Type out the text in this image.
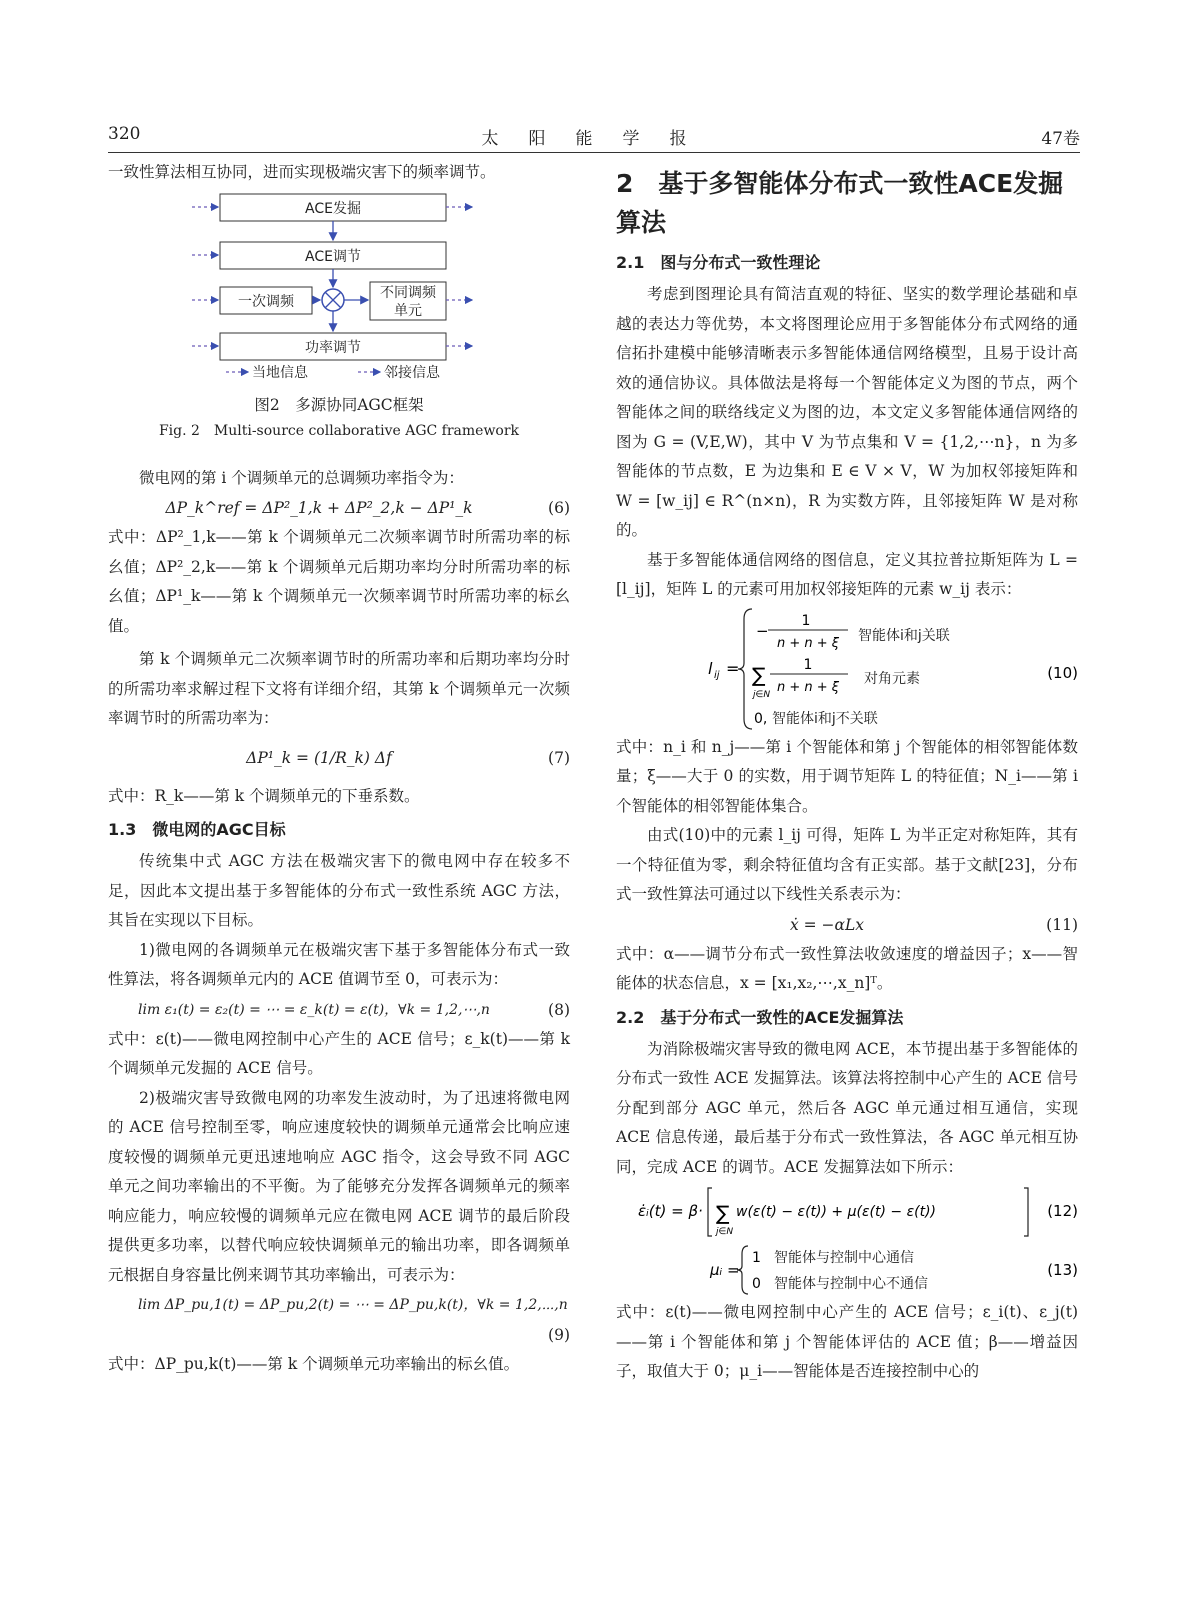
320	太阳能学报	47卷

一致性算法相互协同，进而实现极端灾害下的频率调节。

ACE发掘
ACE调节
一次调频
不同调频
单元
功率调节
当地信息	邻接信息
图2　多源协同AGC框架
Fig. 2　Multi-source collaborative AGC framework

微电网的第 i 个调频单元的总调频功率指令为：

ΔP_k^ref = ΔP²_1,k + ΔP²_2,k − ΔP¹_k	(6)

式中：ΔP²_1,k——第 k 个调频单元二次频率调节时所需功率的标幺值；ΔP²_2,k——第 k 个调频单元后期功率均分时所需功率的标幺值；ΔP¹_k——第 k 个调频单元一次频率调节时所需功率的标幺值。

第 k 个调频单元二次频率调节时的所需功率和后期功率均分时的所需功率求解过程下文将有详细介绍，其第 k 个调频单元一次频率调节时的所需功率为：

ΔP¹_k = (1/R_k) Δf	(7)

式中：R_k——第 k 个调频单元的下垂系数。

1.3　微电网的AGC目标

传统集中式 AGC 方法在极端灾害下的微电网中存在较多不足，因此本文提出基于多智能体的分布式一致性系统 AGC 方法，其旨在实现以下目标。

1)微电网的各调频单元在极端灾害下基于多智能体分布式一致性算法，将各调频单元内的 ACE 值调节至 0，可表示为：

lim ε₁(t) = ε₂(t) = ⋯ = ε_k(t) = ε(t)，∀k = 1,2,⋯,n	(8)

式中：ε(t)——微电网控制中心产生的 ACE 信号；ε_k(t)——第 k 个调频单元发掘的 ACE 信号。

2)极端灾害导致微电网的功率发生波动时，为了迅速将微电网的 ACE 信号控制至零，响应速度较快的调频单元通常会比响应速度较慢的调频单元更迅速地响应 AGC 指令，这会导致不同 AGC 单元之间功率输出的不平衡。为了能够充分发挥各调频单元的频率响应能力，响应较慢的调频单元应在微电网 ACE 调节的最后阶段提供更多功率，以替代响应较快调频单元的输出功率，即各调频单元根据自身容量比例来调节其功率输出，可表示为：

lim ΔP_pu,1(t) = ΔP_pu,2(t) = ⋯ = ΔP_pu,k(t)，∀k = 1,2,⋯,n
(9)

式中：ΔP_pu,k(t)——第 k 个调频单元功率输出的标幺值。

2　基于多智能体分布式一致性ACE发掘算法
2.1　图与分布式一致性理论

考虑到图理论具有简洁直观的特征、坚实的数学理论基础和卓越的表达力等优势，本文将图理论应用于多智能体分布式网络的通信拓扑建模中能够清晰表示多智能体通信网络模型，且易于设计高效的通信协议。具体做法是将每一个智能体定义为图的节点，两个智能体之间的联络线定义为图的边，本文定义多智能体通信网络的图为 G = (V,E,W)，其中 V 为节点集和 V = {1,2,⋯n}，n 为多智能体的节点数，E 为边集和 E ∈ V × V，W 为加权邻接矩阵和 W = [w_ij] ∈ R^(n×n)，R 为实数方阵，且邻接矩阵 W 是对称的。

基于多智能体通信网络的图信息，定义其拉普拉斯矩阵为 L = [l_ij]，矩阵 L 的元素可用加权邻接矩阵的元素 w_ij 表示：

l ij =
−
1
n + n + ξ 智能体i和j关联
∑
j∈N
1
n + n + ξ
对角元素
0, 智能体i和j不关联
(10)

式中：n_i 和 n_j——第 i 个智能体和第 j 个智能体的相邻智能体数量；ξ——大于 0 的实数，用于调节矩阵 L 的特征值；N_i——第 i 个智能体的相邻智能体集合。

由式(10)中的元素 l_ij 可得，矩阵 L 为半正定对称矩阵，其有一个特征值为零，剩余特征值均含有正实部。基于文献[23]，分布式一致性算法可通过以下线性关系表示为：

ẋ = −αLx	(11)

式中：α——调节分布式一致性算法收敛速度的增益因子；x——智能体的状态信息，x = [x₁,x₂,⋯,x_n]ᵀ。

2.2　基于分布式一致性的ACE发掘算法

为消除极端灾害导致的微电网 ACE，本节提出基于多智能体的分布式一致性 ACE 发掘算法。该算法将控制中心产生的 ACE 信号分配到部分 AGC 单元，然后各 AGC 单元通过相互通信，实现 ACE 信息传递，最后基于分布式一致性算法，各 AGC 单元相互协同，完成 ACE 的调节。ACE 发掘算法如下所示：

ε̇ᵢ(t) = β· ∑
j∈N
w(ε(t) − ε(t)) + μ(ε(t) − ε(t))	(12)
μᵢ =
1 智能体与控制中心通信
0 智能体与控制中心不通信
(13)

式中：ε(t)——微电网控制中心产生的 ACE 信号；ε_i(t)、ε_j(t)——第 i 个智能体和第 j 个智能体评估的 ACE 值；β——增益因子，取值大于 0；μ_i——智能体是否连接控制中心的
